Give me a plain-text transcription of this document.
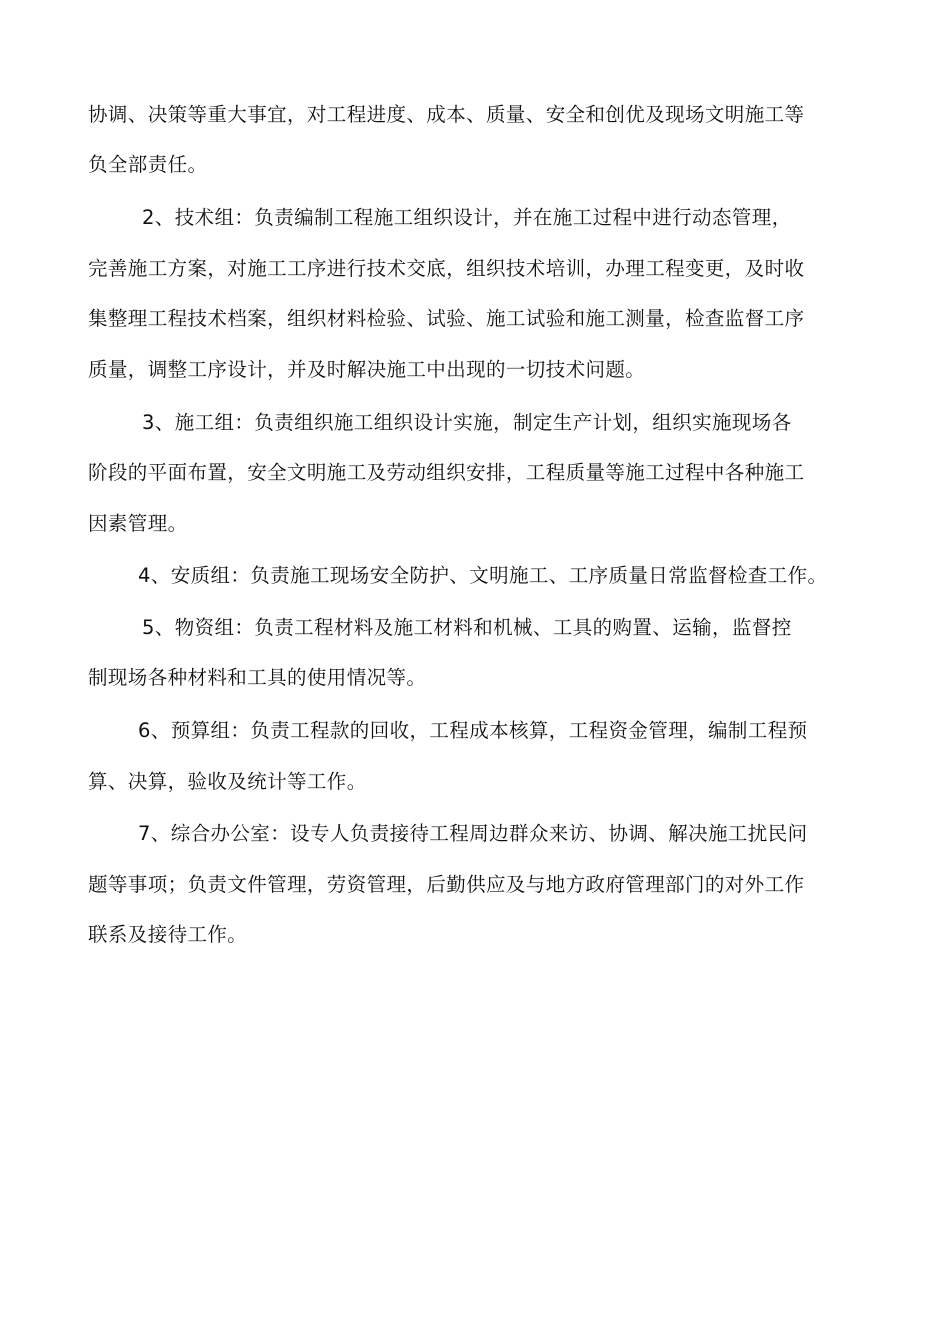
协调、决策等重大事宜，对工程进度、成本、质量、安全和创优及现场文明施工等

负全部责任。

2、技术组：负责编制工程施工组织设计，并在施工过程中进行动态管理，

完善施工方案，对施工工序进行技术交底，组织技术培训，办理工程变更，及时收

集整理工程技术档案，组织材料检验、试验、施工试验和施工测量，检查监督工序

质量，调整工序设计，并及时解决施工中出现的一切技术问题。

3、施工组：负责组织施工组织设计实施，制定生产计划，组织实施现场各

阶段的平面布置，安全文明施工及劳动组织安排，工程质量等施工过程中各种施工

因素管理。

4、安质组：负责施工现场安全防护、文明施工、工序质量日常监督检查工作。

5、物资组：负责工程材料及施工材料和机械、工具的购置、运输，监督控

制现场各种材料和工具的使用情况等。

6、预算组：负责工程款的回收，工程成本核算，工程资金管理，编制工程预

算、决算，验收及统计等工作。

7、综合办公室：设专人负责接待工程周边群众来访、协调、解决施工扰民问

题等事项；负责文件管理，劳资管理，后勤供应及与地方政府管理部门的对外工作

联系及接待工作。
